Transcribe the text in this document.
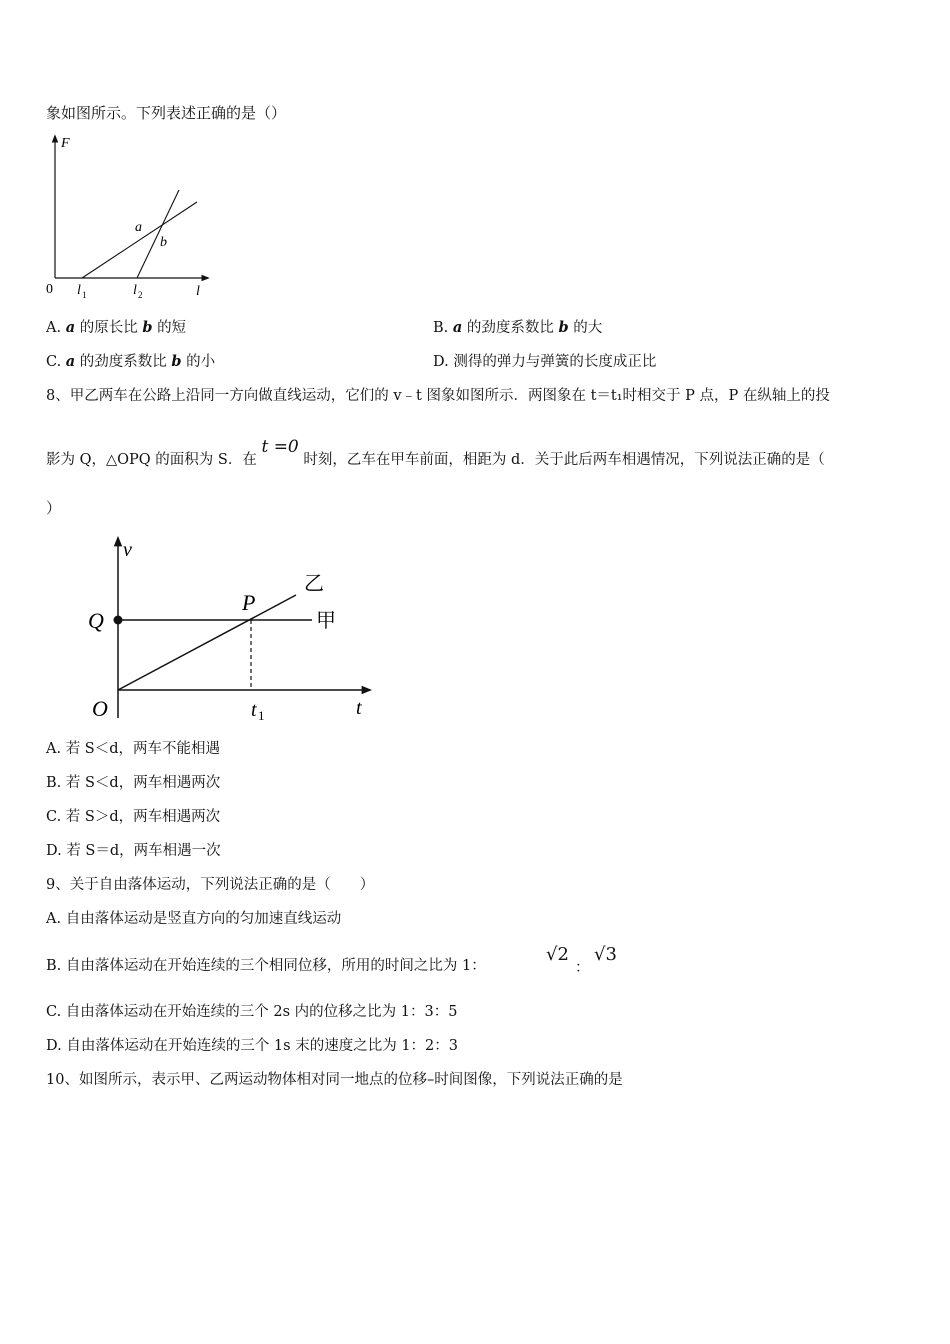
象如图所示。下列表述正确的是（）
F
l
0
a
b
l 1	l 2
A. a 的原长比 b 的短	B. a 的劲度系数比 b 的大
C. a 的劲度系数比 b 的小	D. 测得的弹力与弹簧的长度成正比
8、甲乙两车在公路上沿同一方向做直线运动，它们的 v﹣t 图象如图所示．两图象在 t＝t₁时相交于 P 点，P 在纵轴上的投
影为 Q，△OPQ 的面积为 S．在 t =0 时刻，乙车在甲车前面，相距为 d．关于此后两车相遇情况，下列说法正确的是（
）
v
t
O
Q
P
t 1
甲
乙
A. 若 S＜d，两车不能相遇
B. 若 S＜d，两车相遇两次
C. 若 S＞d，两车相遇两次
D. 若 S＝d，两车相遇一次
9、关于自由落体运动，下列说法正确的是（　　）
A. 自由落体运动是竖直方向的匀加速直线运动
B. 自由落体运动在开始连续的三个相同位移，所用的时间之比为 1：
√2
：
√3
C. 自由落体运动在开始连续的三个 2s 内的位移之比为 1：3：5
D. 自由落体运动在开始连续的三个 1s 末的速度之比为 1：2：3
10、如图所示，表示甲、乙两运动物体相对同一地点的位移–时间图像，下列说法正确的是
